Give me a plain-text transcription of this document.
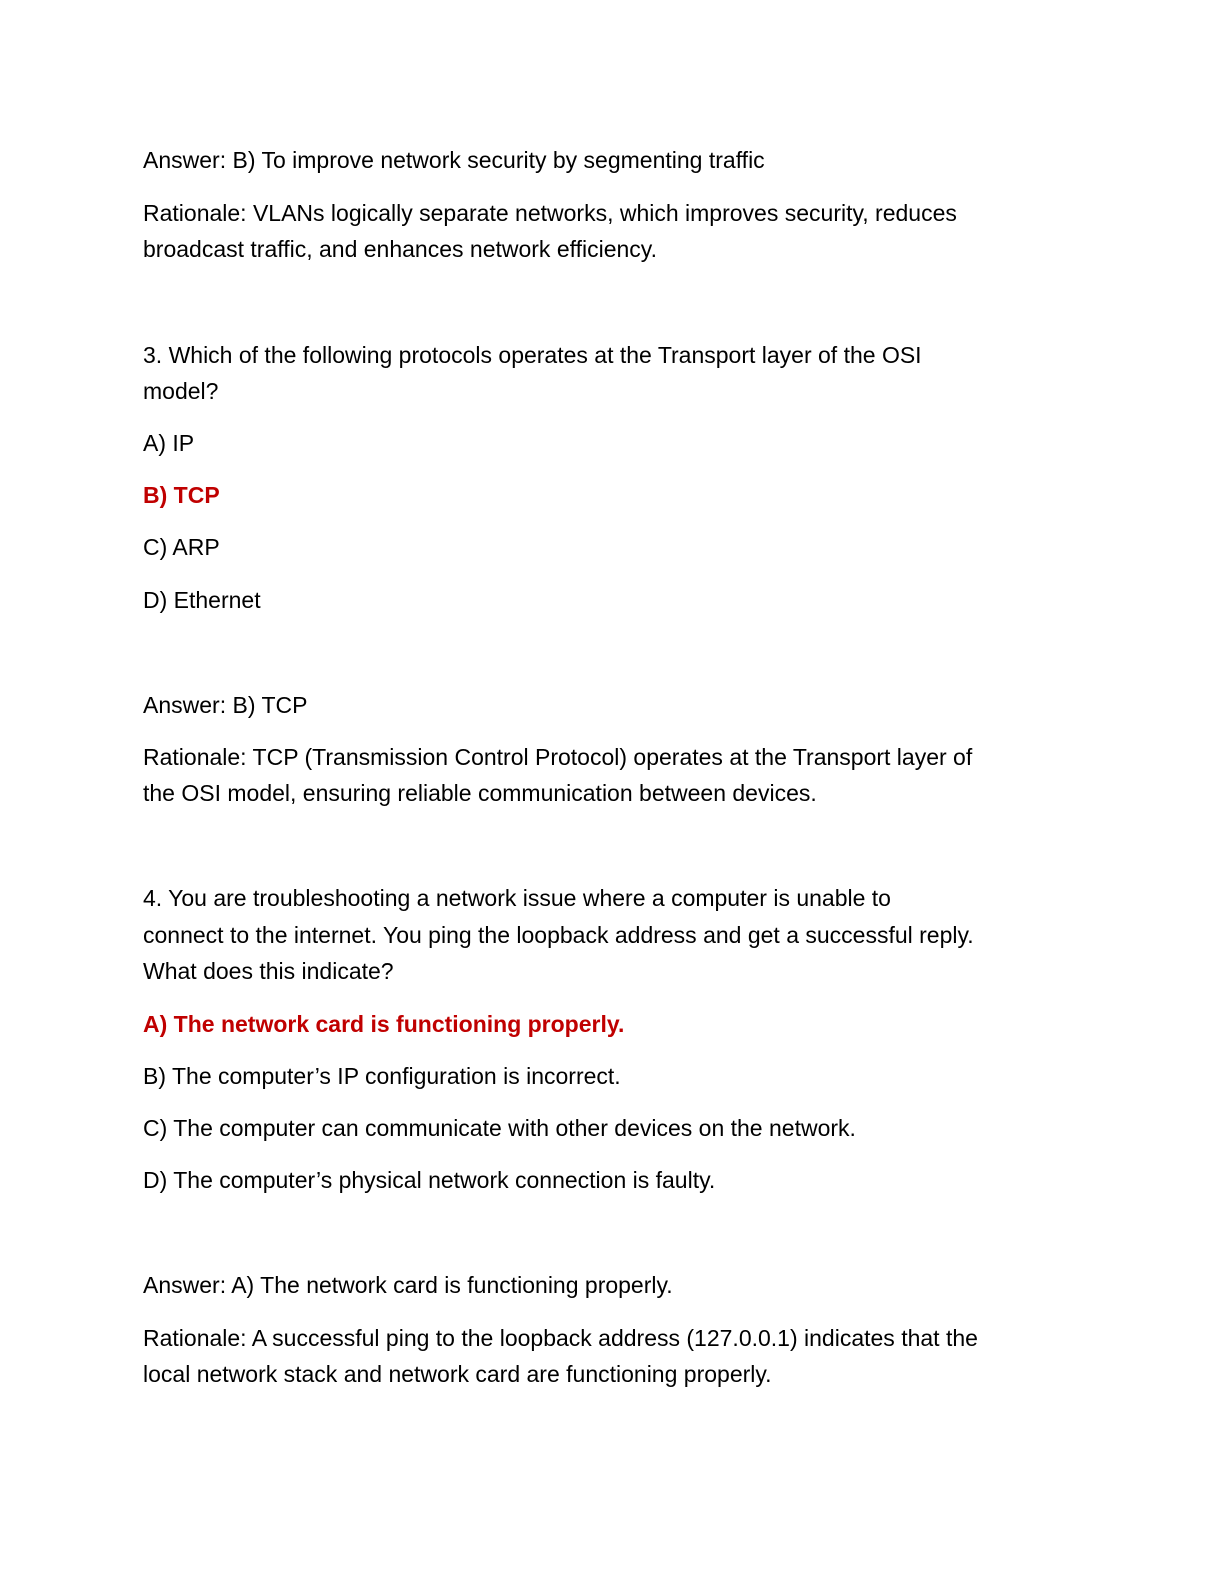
Answer: B) To improve network security by segmenting traffic
Rationale: VLANs logically separate networks, which improves security, reduces
broadcast traffic, and enhances network efficiency.
3. Which of the following protocols operates at the Transport layer of the OSI
model?
A) IP
B) TCP
C) ARP
D) Ethernet
Answer: B) TCP
Rationale: TCP (Transmission Control Protocol) operates at the Transport layer of
the OSI model, ensuring reliable communication between devices.
4. You are troubleshooting a network issue where a computer is unable to
connect to the internet. You ping the loopback address and get a successful reply.
What does this indicate?
A) The network card is functioning properly.
B) The computer’s IP configuration is incorrect.
C) The computer can communicate with other devices on the network.
D) The computer’s physical network connection is faulty.
Answer: A) The network card is functioning properly.
Rationale: A successful ping to the loopback address (127.0.0.1) indicates that the
local network stack and network card are functioning properly.
